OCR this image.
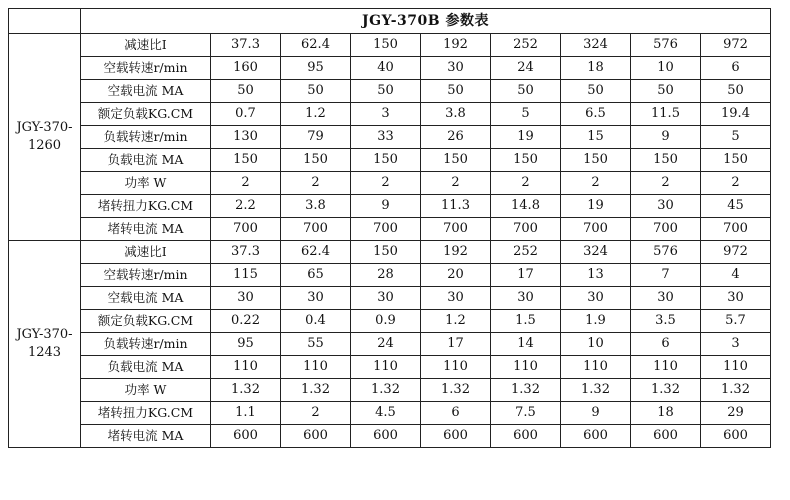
	JGY-370B 参数表								

JGY-370-
1260	减速比I	37.3	62.4	150	192	252	324	576	972
	空载转速r/min	160	95	40	30	24	18	10	6
	空载电流 MA	50	50	50	50	50	50	50	50
	额定负载KG.CM	0.7	1.2	3	3.8	5	6.5	11.5	19.4
	负载转速r/min	130	79	33	26	19	15	9	5
	负载电流 MA	150	150	150	150	150	150	150	150
	功率 W	2	2	2	2	2	2	2	2
	堵转扭力KG.CM	2.2	3.8	9	11.3	14.8	19	30	45
	堵转电流 MA	700	700	700	700	700	700	700	700

JGY-370-
1243	减速比I	37.3	62.4	150	192	252	324	576	972
	空载转速r/min	115	65	28	20	17	13	7	4
	空载电流 MA	30	30	30	30	30	30	30	30
	额定负载KG.CM	0.22	0.4	0.9	1.2	1.5	1.9	3.5	5.7
	负载转速r/min	95	55	24	17	14	10	6	3
	负载电流 MA	110	110	110	110	110	110	110	110
	功率 W	1.32	1.32	1.32	1.32	1.32	1.32	1.32	1.32
	堵转扭力KG.CM	1.1	2	4.5	6	7.5	9	18	29
	堵转电流 MA	600	600	600	600	600	600	600	600
